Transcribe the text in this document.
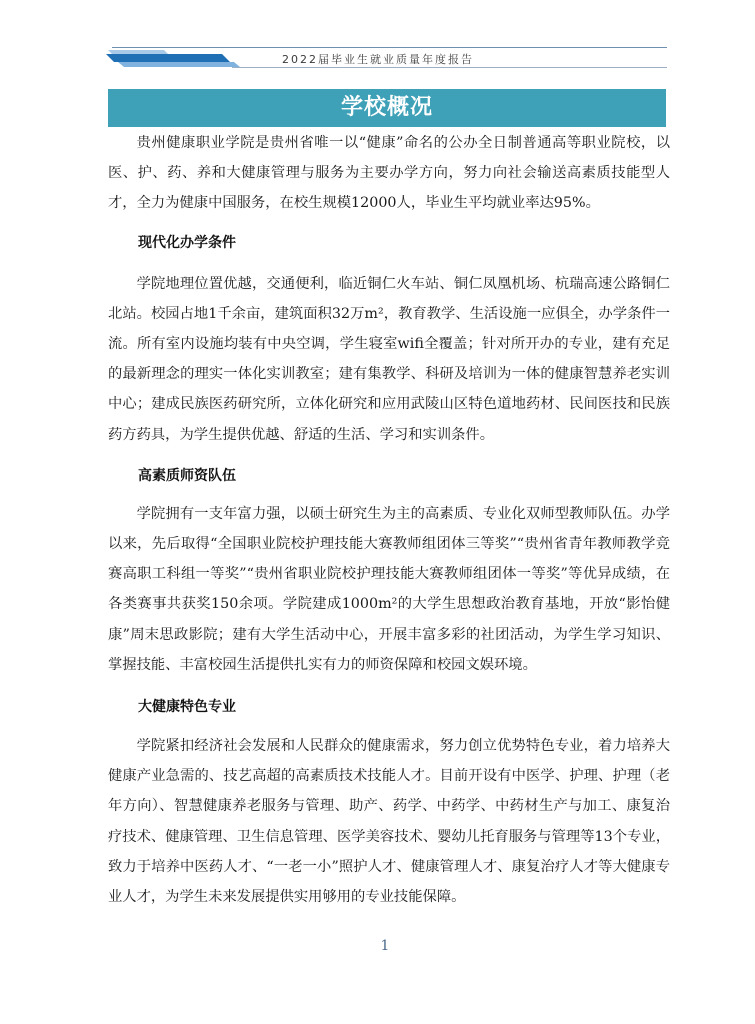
2022届毕业生就业质量年度报告
学校概况

贵州健康职业学院是贵州省唯一以“健康”命名的公办全日制普通高等职业院校，以医、护、药、养和大健康管理与服务为主要办学方向，努力向社会输送高素质技能型人才，全力为健康中国服务，在校生规模12000人，毕业生平均就业率达95%。

现代化办学条件

学院地理位置优越，交通便利，临近铜仁火车站、铜仁凤凰机场、杭瑞高速公路铜仁北站。校园占地1千余亩，建筑面积32万m²，教育教学、生活设施一应俱全，办学条件一流。所有室内设施均装有中央空调，学生寝室wifi全覆盖；针对所开办的专业，建有充足的最新理念的理实一体化实训教室；建有集教学、科研及培训为一体的健康智慧养老实训中心；建成民族医药研究所，立体化研究和应用武陵山区特色道地药材、民间医技和民族药方药具，为学生提供优越、舒适的生活、学习和实训条件。

高素质师资队伍

学院拥有一支年富力强，以硕士研究生为主的高素质、专业化双师型教师队伍。办学以来，先后取得“全国职业院校护理技能大赛教师组团体三等奖”“贵州省青年教师教学竞赛高职工科组一等奖”“贵州省职业院校护理技能大赛教师组团体一等奖”等优异成绩，在各类赛事共获奖150余项。学院建成1000m²的大学生思想政治教育基地，开放“影怡健康”周末思政影院；建有大学生活动中心，开展丰富多彩的社团活动，为学生学习知识、掌握技能、丰富校园生活提供扎实有力的师资保障和校园文娱环境。

大健康特色专业

学院紧扣经济社会发展和人民群众的健康需求，努力创立优势特色专业，着力培养大健康产业急需的、技艺高超的高素质技术技能人才。目前开设有中医学、护理、护理（老年方向）、智慧健康养老服务与管理、助产、药学、中药学、中药材生产与加工、康复治疗技术、健康管理、卫生信息管理、医学美容技术、婴幼儿托育服务与管理等13个专业，致力于培养中医药人才、“一老一小”照护人才、健康管理人才、康复治疗人才等大健康专业人才，为学生未来发展提供实用够用的专业技能保障。

1
